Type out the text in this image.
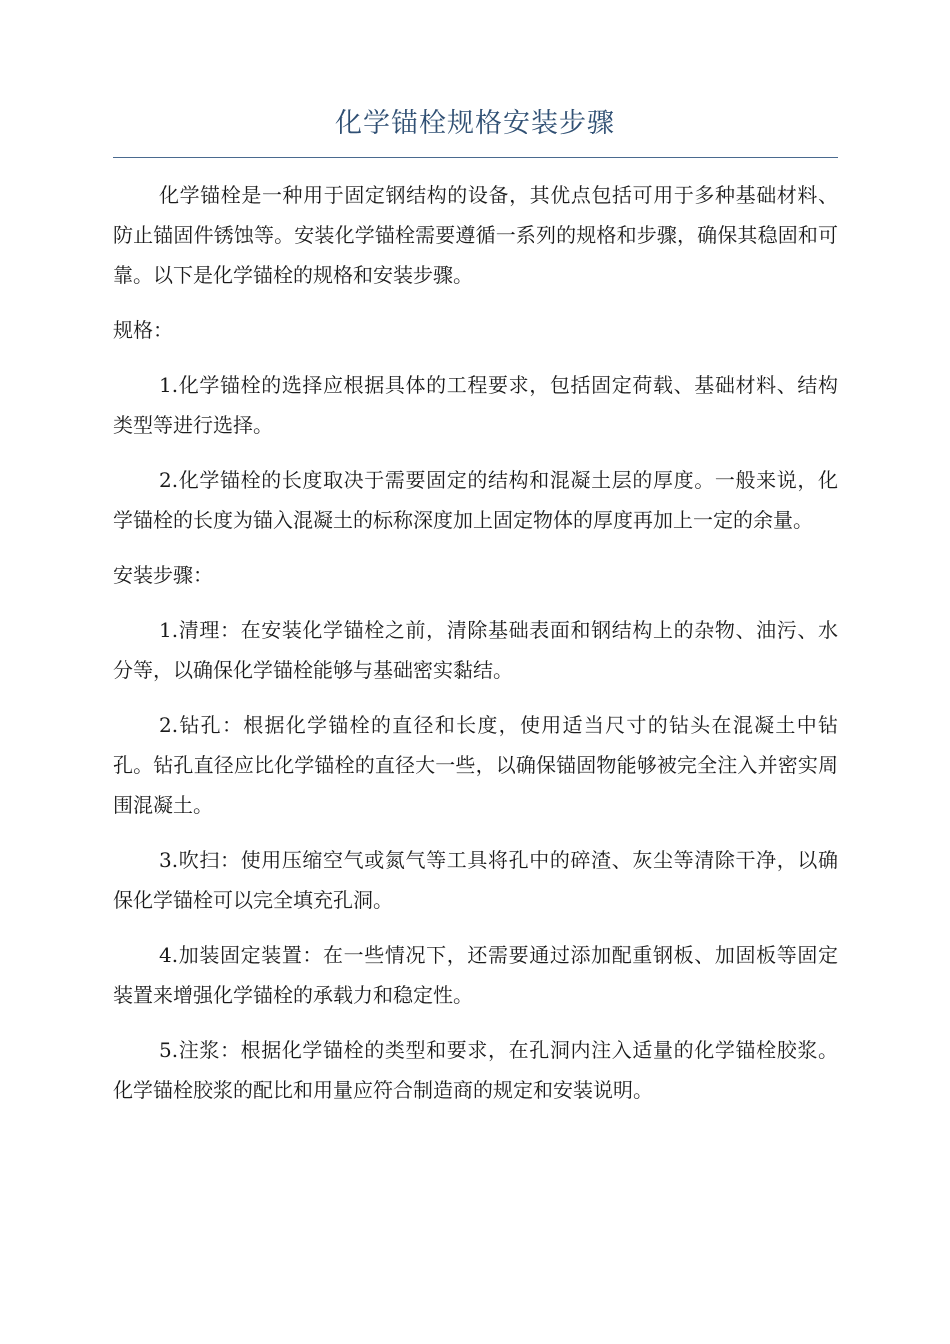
化学锚栓规格安装步骤

化学锚栓是一种用于固定钢结构的设备，其优点包括可用于多种基础材料、防止锚固件锈蚀等。安装化学锚栓需要遵循一系列的规格和步骤，确保其稳固和可靠。以下是化学锚栓的规格和安装步骤。

规格：

1.化学锚栓的选择应根据具体的工程要求，包括固定荷载、基础材料、结构类型等进行选择。

2.化学锚栓的长度取决于需要固定的结构和混凝土层的厚度。一般来说，化学锚栓的长度为锚入混凝土的标称深度加上固定物体的厚度再加上一定的余量。

安装步骤：

1.清理：在安装化学锚栓之前，清除基础表面和钢结构上的杂物、油污、水分等，以确保化学锚栓能够与基础密实黏结。

2.钻孔：根据化学锚栓的直径和长度，使用适当尺寸的钻头在混凝土中钻孔。钻孔直径应比化学锚栓的直径大一些，以确保锚固物能够被完全注入并密实周围混凝土。

3.吹扫：使用压缩空气或氮气等工具将孔中的碎渣、灰尘等清除干净，以确保化学锚栓可以完全填充孔洞。

4.加装固定装置：在一些情况下，还需要通过添加配重钢板、加固板等固定装置来增强化学锚栓的承载力和稳定性。

5.注浆：根据化学锚栓的类型和要求，在孔洞内注入适量的化学锚栓胶浆。化学锚栓胶浆的配比和用量应符合制造商的规定和安装说明。
